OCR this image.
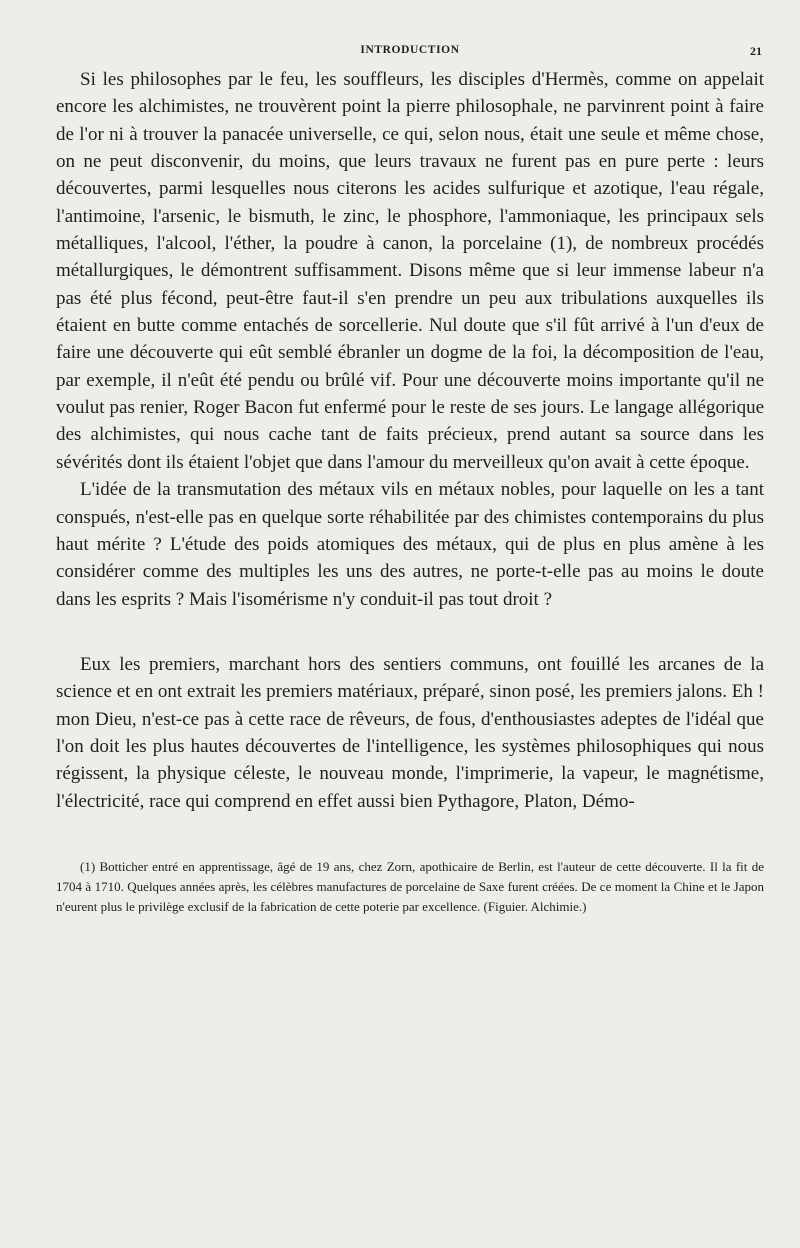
INTRODUCTION	21

Si les philosophes par le feu, les souffleurs, les disciples d'Hermès, comme on appelait encore les alchimistes, ne trouvèrent point la pierre philosophale, ne parvinrent point à faire de l'or ni à trouver la panacée universelle, ce qui, selon nous, était une seule et même chose, on ne peut disconvenir, du moins, que leurs travaux ne furent pas en pure perte : leurs découvertes, parmi lesquelles nous citerons les acides sulfurique et azotique, l'eau régale, l'antimoine, l'arsenic, le bismuth, le zinc, le phosphore, l'ammoniaque, les principaux sels métalliques, l'alcool, l'éther, la poudre à canon, la porcelaine (1), de nombreux procédés métallurgiques, le démontrent suffisamment. Disons même que si leur immense labeur n'a pas été plus fécond, peut-être faut-il s'en prendre un peu aux tribulations auxquelles ils étaient en butte comme entachés de sorcellerie. Nul doute que s'il fût arrivé à l'un d'eux de faire une découverte qui eût semblé ébranler un dogme de la foi, la décomposition de l'eau, par exemple, il n'eût été pendu ou brûlé vif. Pour une découverte moins importante qu'il ne voulut pas renier, Roger Bacon fut enfermé pour le reste de ses jours. Le langage allégorique des alchimistes, qui nous cache tant de faits précieux, prend autant sa source dans les sévérités dont ils étaient l'objet que dans l'amour du merveilleux qu'on avait à cette époque.

L'idée de la transmutation des métaux vils en métaux nobles, pour laquelle on les a tant conspués, n'est-elle pas en quelque sorte réhabilitée par des chimistes contemporains du plus haut mérite ? L'étude des poids atomiques des métaux, qui de plus en plus amène à les considérer comme des multiples les uns des autres, ne porte-t-elle pas au moins le doute dans les esprits ? Mais l'isomérisme n'y conduit-il pas tout droit ?

Eux les premiers, marchant hors des sentiers communs, ont fouillé les arcanes de la science et en ont extrait les premiers matériaux, préparé, sinon posé, les premiers jalons. Eh ! mon Dieu, n'est-ce pas à cette race de rêveurs, de fous, d'enthousiastes adeptes de l'idéal que l'on doit les plus hautes découvertes de l'intelligence, les systèmes philosophiques qui nous régissent, la physique céleste, le nouveau monde, l'imprimerie, la vapeur, le magnétisme, l'électricité, race qui comprend en effet aussi bien Pythagore, Platon, Démo-

(1) Botticher entré en apprentissage, âgé de 19 ans, chez Zorn, apothicaire de Berlin, est l'auteur de cette découverte. Il la fit de 1704 à 1710. Quelques années après, les célèbres manufactures de porcelaine de Saxe furent créées. De ce moment la Chine et le Japon n'eurent plus le privilège exclusif de la fabrication de cette poterie par excellence. (Figuier. Alchimie.)
